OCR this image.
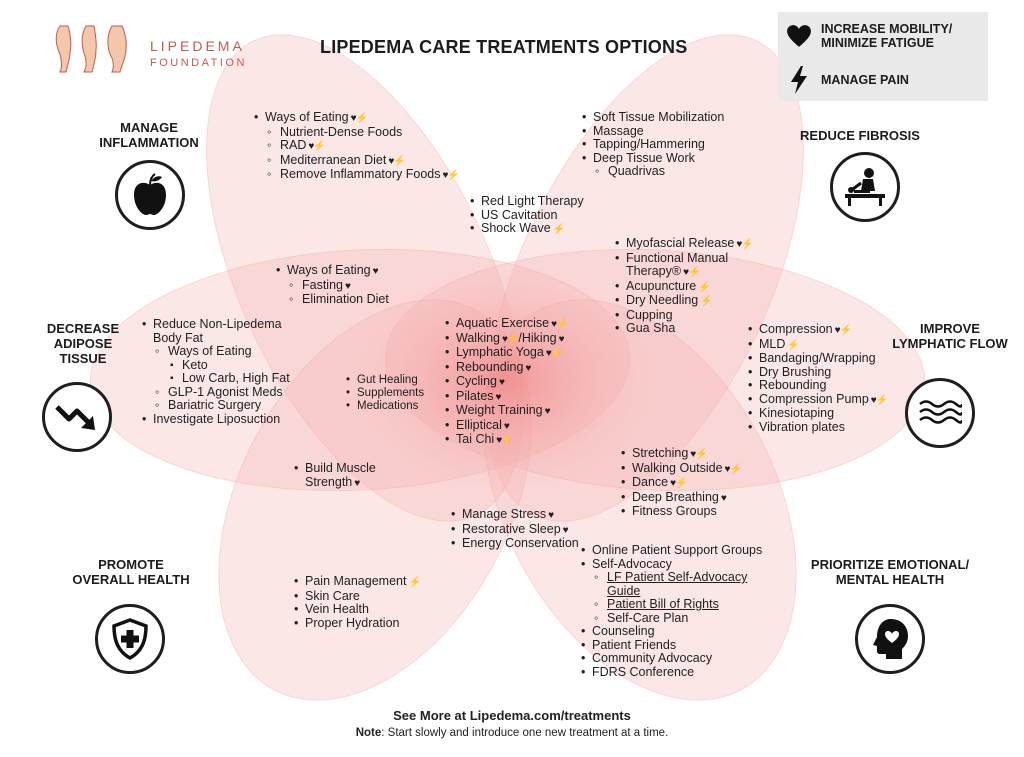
LIPEDEMA
FOUNDATION
LIPEDEMA CARE TREATMENTS OPTIONS
INCREASE MOBILITY/ MINIMIZE FATIGUE
MANAGE PAIN
MANAGE INFLAMMATION	REDUCE FIBROSIS
DECREASE ADIPOSE TISSUE
IMPROVE LYMPHATIC FLOW
PROMOTE OVERALL HEALTH
PRIORITIZE EMOTIONAL/ MENTAL HEALTH
• Ways of Eating ♥⚡
◦ Nutrient-Dense Foods
◦ RAD ♥⚡
◦ Mediterranean Diet ♥⚡
◦ Remove Inflammatory Foods ♥⚡
• Soft Tissue Mobilization
• Massage
• Tapping/Hammering
• Deep Tissue Work
◦ Quadrivas
• Red Light Therapy
• US Cavitation
• Shock Wave ⚡
• Ways of Eating ♥
◦ Fasting ♥
◦ Elimination Diet
• Myofascial Release ♥⚡
• Functional Manual Therapy® ♥⚡
• Acupuncture ⚡
• Dry Needling ⚡
• Cupping
• Gua Sha
• Reduce Non-Lipedema Body Fat
◦ Ways of Eating
▪ Keto
▪ Low Carb, High Fat
◦ GLP-1 Agonist Meds
◦ Bariatric Surgery
• Investigate Liposuction
• Aquatic Exercise ♥⚡
• Walking ♥⚡/Hiking ♥
• Lymphatic Yoga ♥⚡
• Rebounding ♥
• Cycling ♥
• Pilates ♥
• Weight Training ♥
• Elliptical ♥
• Tai Chi ♥⚡
• Gut Healing
• Supplements
• Medications
• Compression ♥⚡
• MLD ⚡
• Bandaging/Wrapping
• Dry Brushing
• Rebounding
• Compression Pump ♥⚡
• Kinesiotaping
• Vibration plates
• Build Muscle Strength ♥
• Stretching ♥⚡
• Walking Outside ♥⚡
• Dance ♥⚡
• Deep Breathing ♥
• Fitness Groups
• Manage Stress ♥
• Restorative Sleep ♥
• Energy Conservation
• Pain Management ⚡
• Skin Care
• Vein Health
• Proper Hydration
• Online Patient Support Groups
• Self-Advocacy
◦ LF Patient Self-Advocacy Guide
◦ Patient Bill of Rights
◦ Self-Care Plan
• Counseling
• Patient Friends
• Community Advocacy
• FDRS Conference
See More at Lipedema.com/treatments
Note: Start slowly and introduce one new treatment at a time.
